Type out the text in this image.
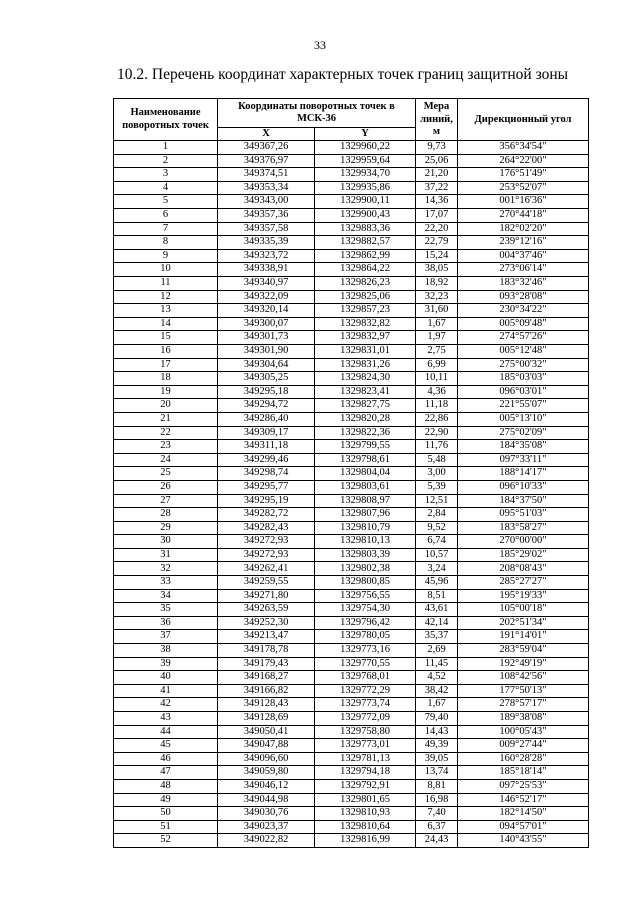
33
10.2. Перечень координат характерных точек границ защитной зоны
Наименование поворотных точек	Координаты поворотных точек в МСК-36		Мера линий, м	Дирекционный угол
	X	Y		
1	349367,26	1329960,22	9,73	356°34'54"
2	349376,97	1329959,64	25,06	264°22'00"
3	349374,51	1329934,70	21,20	176°51'49"
4	349353,34	1329935,86	37,22	253°52'07"
5	349343,00	1329900,11	14,36	001°16'36"
6	349357,36	1329900,43	17,07	270°44'18"
7	349357,58	1329883,36	22,20	182°02'20"
8	349335,39	1329882,57	22,79	239°12'16"
9	349323,72	1329862,99	15,24	004°37'46"
10	349338,91	1329864,22	38,05	273°06'14"
11	349340,97	1329826,23	18,92	183°32'46"
12	349322,09	1329825,06	32,23	093°28'08"
13	349320,14	1329857,23	31,60	230°34'22"
14	349300,07	1329832,82	1,67	005°09'48"
15	349301,73	1329832,97	1,97	274°57'26"
16	349301,90	1329831,01	2,75	005°12'48"
17	349304,64	1329831,26	6,99	275°00'32"
18	349305,25	1329824,30	10,11	185°03'03"
19	349295,18	1329823,41	4,36	096°03'01"
20	349294,72	1329827,75	11,18	221°55'07"
21	349286,40	1329820,28	22,86	005°13'10"
22	349309,17	1329822,36	22,90	275°02'09"
23	349311,18	1329799,55	11,76	184°35'08"
24	349299,46	1329798,61	5,48	097°33'11"
25	349298,74	1329804,04	3,00	188°14'17"
26	349295,77	1329803,61	5,39	096°10'33"
27	349295,19	1329808,97	12,51	184°37'50"
28	349282,72	1329807,96	2,84	095°51'03"
29	349282,43	1329810,79	9,52	183°58'27"
30	349272,93	1329810,13	6,74	270°00'00"
31	349272,93	1329803,39	10,57	185°29'02"
32	349262,41	1329802,38	3,24	208°08'43"
33	349259,55	1329800,85	45,96	285°27'27"
34	349271,80	1329756,55	8,51	195°19'33"
35	349263,59	1329754,30	43,61	105°00'18"
36	349252,30	1329796,42	42,14	202°51'34"
37	349213,47	1329780,05	35,37	191°14'01"
38	349178,78	1329773,16	2,69	283°59'04"
39	349179,43	1329770,55	11,45	192°49'19"
40	349168,27	1329768,01	4,52	108°42'56"
41	349166,82	1329772,29	38,42	177°50'13"
42	349128,43	1329773,74	1,67	278°57'17"
43	349128,69	1329772,09	79,40	189°38'08"
44	349050,41	1329758,80	14,43	100°05'43"
45	349047,88	1329773,01	49,39	009°27'44"
46	349096,60	1329781,13	39,05	160°28'28"
47	349059,80	1329794,18	13,74	185°18'14"
48	349046,12	1329792,91	8,81	097°25'53"
49	349044,98	1329801,65	16,98	146°52'17"
50	349030,76	1329810,93	7,40	182°14'50"
51	349023,37	1329810,64	6,37	094°57'01"
52	349022,82	1329816,99	24,43	140°43'55"
